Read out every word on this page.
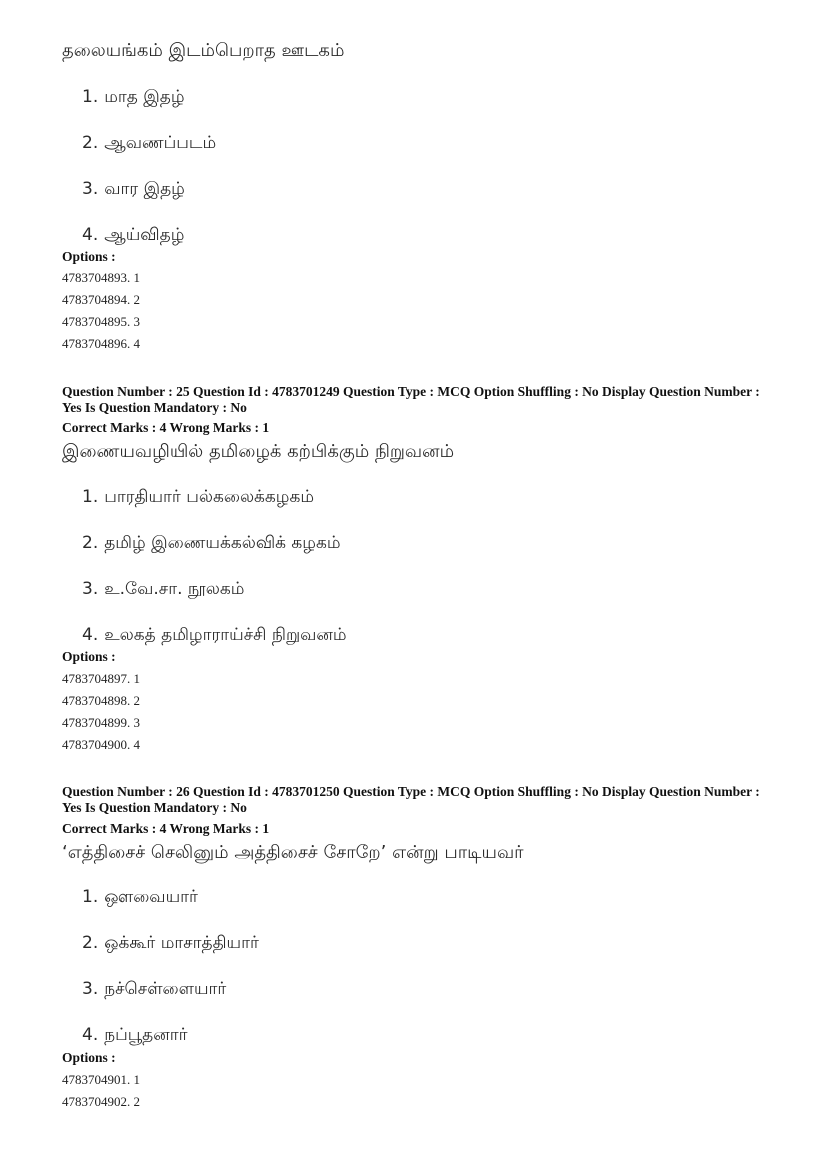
தலையங்கம் இடம்பெறாத ஊடகம்
1. மாத இதழ்
2. ஆவணப்படம்
3. வார இதழ்
4. ஆய்விதழ்
Options :
4783704893. 1
4783704894. 2
4783704895. 3
4783704896. 4
Question Number : 25 Question Id : 4783701249 Question Type : MCQ Option Shuffling : No Display Question Number : Yes Is Question Mandatory : No
Correct Marks : 4 Wrong Marks : 1
இணையவழியில் தமிழைக் கற்பிக்கும் நிறுவனம்
1. பாரதியார் பல்கலைக்கழகம்
2. தமிழ் இணையக்கல்விக் கழகம்
3. உ.வே.சா. நூலகம்
4. உலகத் தமிழாராய்ச்சி நிறுவனம்
Options :
4783704897. 1
4783704898. 2
4783704899. 3
4783704900. 4
Question Number : 26 Question Id : 4783701250 Question Type : MCQ Option Shuffling : No Display Question Number : Yes Is Question Mandatory : No
Correct Marks : 4 Wrong Marks : 1
‘எத்திசைச் செலினும் அத்திசைச் சோறே’ என்று பாடியவர்
1. ஔவையார்
2. ஒக்கூர் மாசாத்தியார்
3. நச்செள்ளையார்
4. நப்பூதனார்
Options :
4783704901. 1
4783704902. 2
